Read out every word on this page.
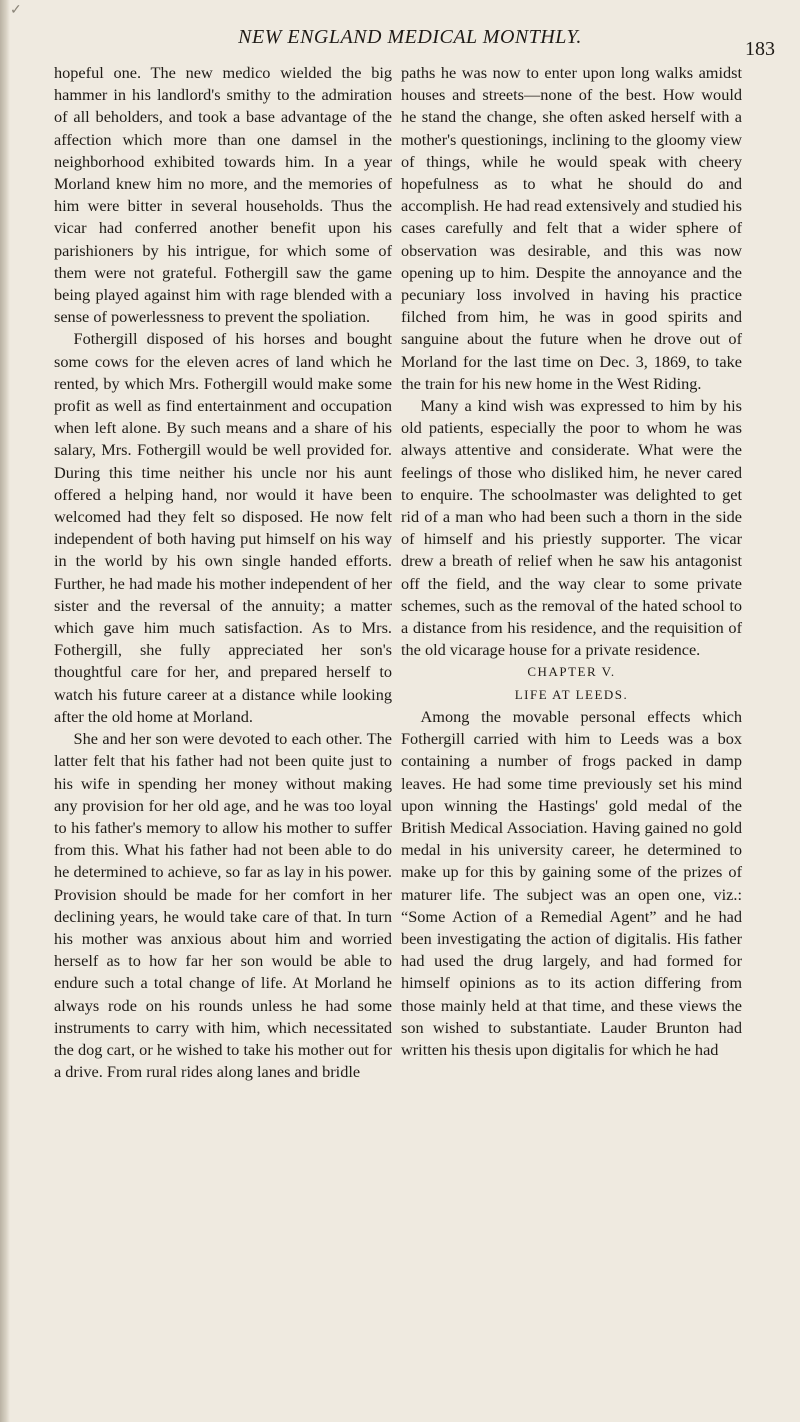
✓
NEW ENGLAND MEDICAL MONTHLY.
183

hopeful one. The new medico wielded the big hammer in his landlord's smithy to the admiration of all beholders, and took a base advantage of the affection which more than one damsel in the neighborhood exhibited towards him. In a year Morland knew him no more, and the memories of him were bitter in several households. Thus the vicar had conferred another benefit upon his parishioners by his intrigue, for which some of them were not grateful. Fothergill saw the game being played against him with rage blended with a sense of powerlessness to prevent the spoliation.

Fothergill disposed of his horses and bought some cows for the eleven acres of land which he rented, by which Mrs. Fothergill would make some profit as well as find entertainment and occupation when left alone. By such means and a share of his salary, Mrs. Fothergill would be well provided for. During this time neither his uncle nor his aunt offered a helping hand, nor would it have been welcomed had they felt so disposed. He now felt independent of both having put himself on his way in the world by his own single handed efforts. Further, he had made his mother independent of her sister and the reversal of the annuity; a matter which gave him much satisfaction. As to Mrs. Fothergill, she fully appreciated her son's thoughtful care for her, and prepared herself to watch his future career at a distance while looking after the old home at Morland.

She and her son were devoted to each other. The latter felt that his father had not been quite just to his wife in spending her money without making any provision for her old age, and he was too loyal to his father's memory to allow his mother to suffer from this. What his father had not been able to do he determined to achieve, so far as lay in his power. Provision should be made for her comfort in her declining years, he would take care of that. In turn his mother was anxious about him and worried herself as to how far her son would be able to endure such a total change of life. At Morland he always rode on his rounds unless he had some instruments to carry with him, which necessitated the dog cart, or he wished to take his mother out for a drive. From rural rides along lanes and bridle

paths he was now to enter upon long walks amidst houses and streets—none of the best. How would he stand the change, she often asked herself with a mother's questionings, inclining to the gloomy view of things, while he would speak with cheery hopefulness as to what he should do and accomplish. He had read extensively and studied his cases carefully and felt that a wider sphere of observation was desirable, and this was now opening up to him. Despite the annoyance and the pecuniary loss involved in having his practice filched from him, he was in good spirits and sanguine about the future when he drove out of Morland for the last time on Dec. 3, 1869, to take the train for his new home in the West Riding.

Many a kind wish was expressed to him by his old patients, especially the poor to whom he was always attentive and considerate. What were the feelings of those who disliked him, he never cared to enquire. The schoolmaster was delighted to get rid of a man who had been such a thorn in the side of himself and his priestly supporter. The vicar drew a breath of relief when he saw his antagonist off the field, and the way clear to some private schemes, such as the removal of the hated school to a distance from his residence, and the requisition of the old vicarage house for a private residence.

CHAPTER V.

LIFE AT LEEDS.

Among the movable personal effects which Fothergill carried with him to Leeds was a box containing a number of frogs packed in damp leaves. He had some time previously set his mind upon winning the Hastings' gold medal of the British Medical Association. Having gained no gold medal in his university career, he determined to make up for this by gaining some of the prizes of maturer life. The subject was an open one, viz.: “Some Action of a Remedial Agent” and he had been investigating the action of digitalis. His father had used the drug largely, and had formed for himself opinions as to its action differing from those mainly held at that time, and these views the son wished to substantiate. Lauder Brunton had written his thesis upon digitalis for which he had
